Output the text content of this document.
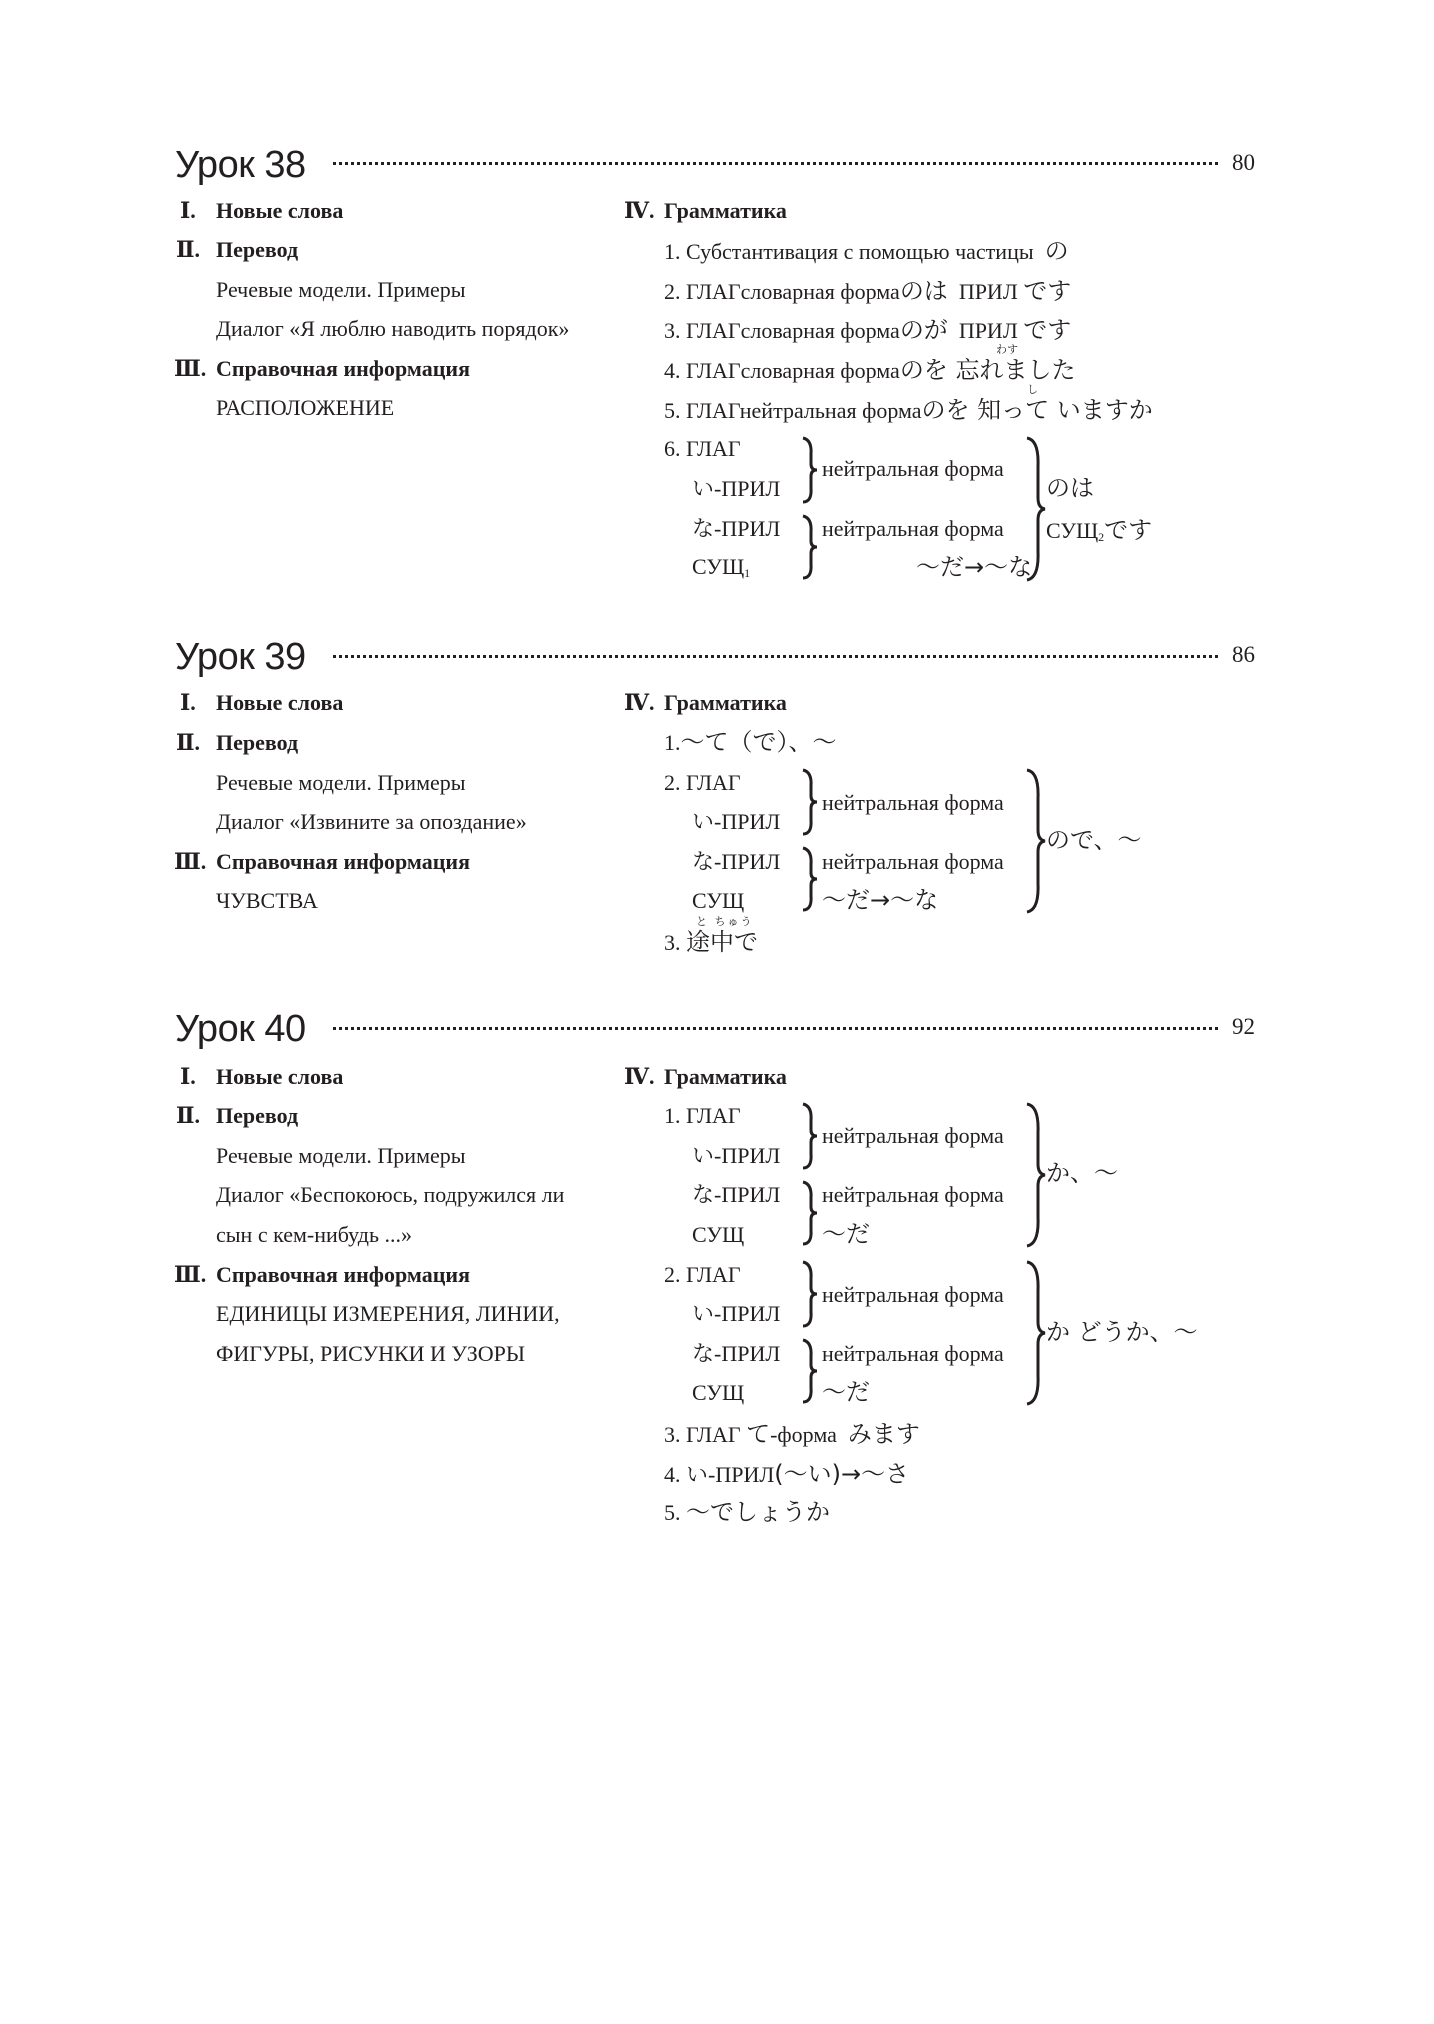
Урок 38	80
Ⅰ. Новые слова
Ⅱ. Перевод
Речевые модели. Примеры
Диалог «Я люблю наводить порядок»
Ⅲ. Справочная информация
РАСПОЛОЖЕНИЕ
Ⅳ. Грамматика
1. Субстантивация с помощью частицы の
2. ГЛАГсловарная формаのは ПРИЛ です
3. ГЛАГсловарная формаのが ПРИЛ です
わす
4. ГЛАГсловарная формаのを 忘れました
し
5. ГЛАГнейтральная формаのを 知って いますか
6. ГЛАГ
い-ПРИЛ
な-ПРИЛ
$СУЩ_1$
нейтральная форма
нейтральная форма
～だ→～な
のは
$СУЩ_2$です
Урок 39	86
Ⅰ. Новые слова
Ⅱ. Перевод
Речевые модели. Примеры
Диалог «Извините за опоздание»
Ⅲ. Справочная информация
ЧУВСТВА
Ⅳ. Грамматика
1.～て（で）、～
2. ГЛАГ
い-ПРИЛ
な-ПРИЛ
СУЩ
нейтральная форма
нейтральная форма
～だ→～な
ので、～
と ちゅう
3. 途中で
Урок 40	92
Ⅰ. Новые слова
Ⅱ. Перевод
Речевые модели. Примеры
Диалог «Беспокоюсь, подружился ли
сын с кем-нибудь ...»
Ⅲ. Справочная информация
ЕДИНИЦЫ ИЗМЕРЕНИЯ, ЛИНИИ,
ФИГУРЫ, РИСУНКИ И УЗОРЫ
Ⅳ. Грамматика
1. ГЛАГ
い-ПРИЛ
な-ПРИЛ
СУЩ
нейтральная форма
нейтральная форма
～だ
か、～
2. ГЛАГ
い-ПРИЛ
な-ПРИЛ
СУЩ
нейтральная форма
нейтральная форма
～だ
か どうか、～
3. ГЛАГ て-форма みます
4. い-ПРИЛ(～い)→～さ
5. ～でしょうか
